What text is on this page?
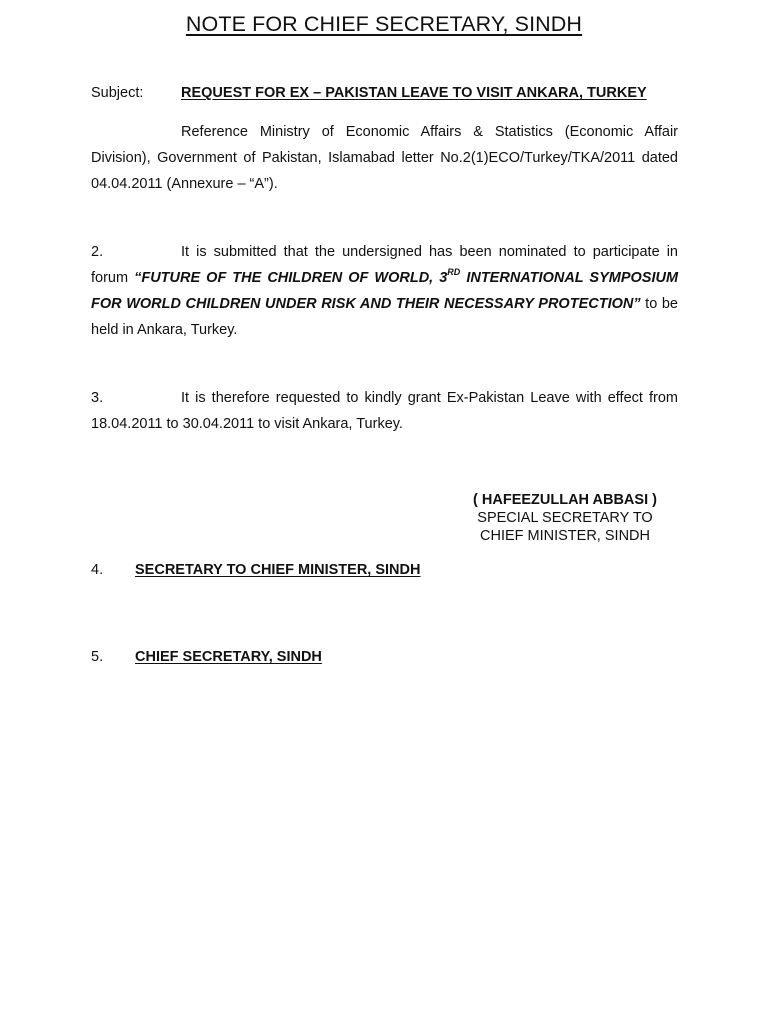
NOTE FOR CHIEF SECRETARY, SINDH
Subject:	REQUEST FOR EX – PAKISTAN LEAVE TO VISIT ANKARA, TURKEY
Reference Ministry of Economic Affairs & Statistics (Economic Affair Division), Government of Pakistan, Islamabad letter No.2(1)ECO/Turkey/TKA/2011 dated 04.04.2011 (Annexure – “A”).
2.	It is submitted that the undersigned has been nominated to participate in forum “FUTURE OF THE CHILDREN OF WORLD, 3RD INTERNATIONAL SYMPOSIUM FOR WORLD CHILDREN UNDER RISK AND THEIR NECESSARY PROTECTION” to be held in Ankara, Turkey.
3.	It is therefore requested to kindly grant Ex-Pakistan Leave with effect from 18.04.2011 to 30.04.2011 to visit Ankara, Turkey.
( HAFEEZULLAH ABBASI )
SPECIAL SECRETARY TO
CHIEF MINISTER, SINDH
4. SECRETARY TO CHIEF MINISTER, SINDH
5. CHIEF SECRETARY, SINDH
